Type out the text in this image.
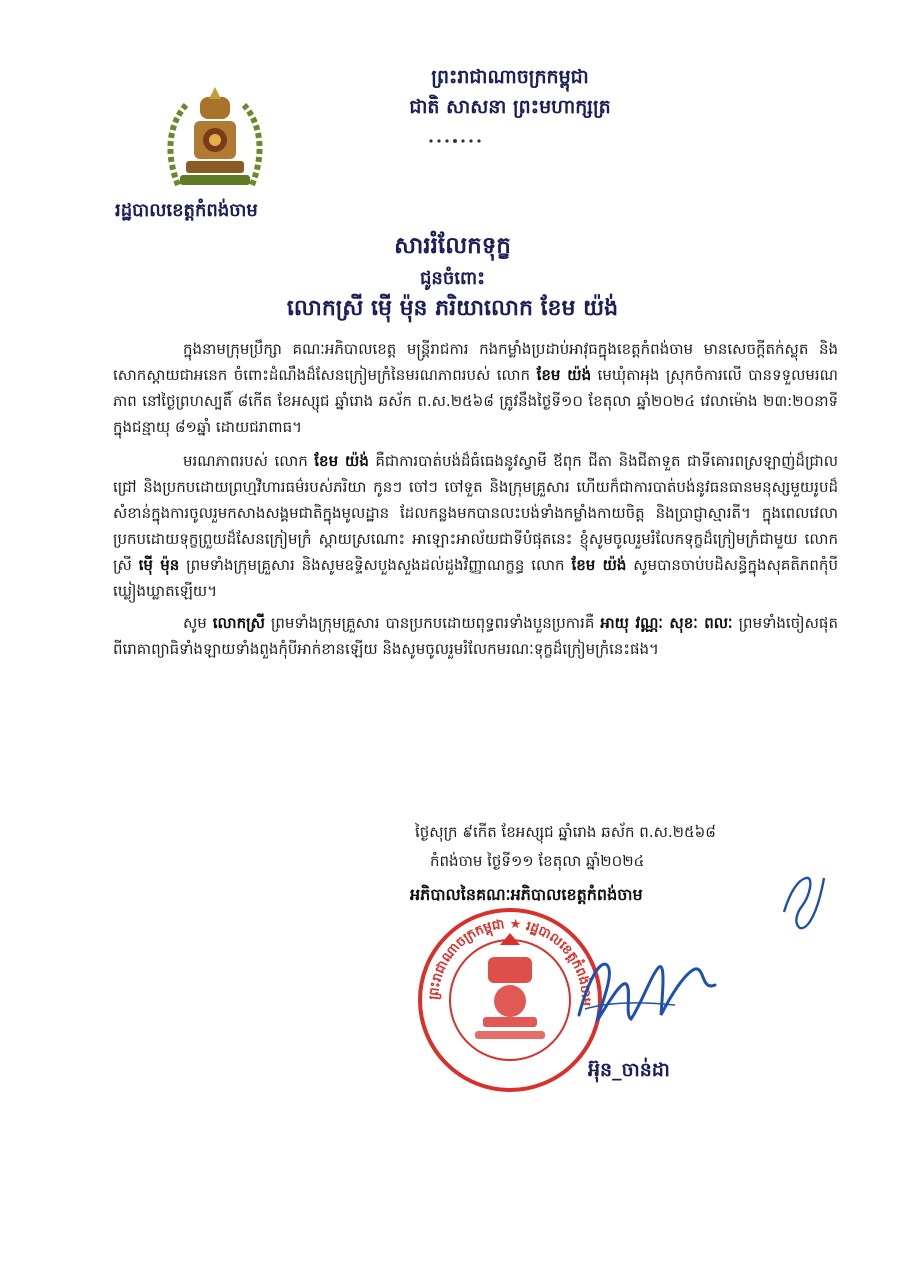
ព្រះរាជាណាចក្រកម្ពុជា
ជាតិ សាសនា ព្រះមហាក្សត្រ
រដ្ឋបាលខេត្តកំពង់ចាម
សាររំលែកទុក្ខ
ជូនចំពោះ
លោកស្រី ម៉ើ ម៉ុន ភរិយាលោក ខែម យ៉ង់

ក្នុងនាមក្រុមប្រឹក្សា គណៈអភិបាលខេត្ត មន្ត្រីរាជការ កងកម្លាំងប្រដាប់អាវុធក្នុងខេត្តកំពង់ចាម មានសេចក្តីតក់ស្លុត និងសោកស្តាយជាអនេក ចំពោះដំណឹងដ៏សែនក្រៀមក្រំនៃមរណភាពរបស់ លោក ខែម យ៉ង់ មេឃុំតាអុង ស្រុកចំការលើ បានទទួលមរណភាព នៅថ្ងៃព្រហស្បតិ៍ ៨កើត ខែអស្សុជ ឆ្នាំរោង ឆស័ក ព.ស.២៥៦៨ ត្រូវនឹងថ្ងៃទី១០ ខែតុលា ឆ្នាំ២០២៤ វេលាម៉ោង ២៣:២០នាទី ក្នុងជន្មាយុ ៨១ឆ្នាំ ដោយជរាពាធ។

មរណភាពរបស់ លោក ខែម យ៉ង់ គឺជាការបាត់បង់ដ៏ធំធេងនូវស្វាមី ឪពុក ជីតា និងជីតាទួត ជាទីគោរពស្រឡាញ់ដ៏ជ្រាលជ្រៅ និងប្រកបដោយព្រហ្មវិហារធម៌របស់ភរិយា កូនៗ ចៅៗ ចៅទួត និងក្រុមគ្រួសារ ហើយក៏ជាការបាត់បង់នូវធនធានមនុស្សមួយរូបដ៏សំខាន់ក្នុងការចូលរួមកសាងសង្គមជាតិក្នុងមូលដ្ឋាន ដែលកន្លងមកបានលះបង់ទាំងកម្លាំងកាយចិត្ត និងប្រាជ្ញាស្មារតី។ ក្នុងពេលវេលាប្រកបដោយទុក្ខព្រួយដ៏សែនក្រៀមក្រំ ស្តាយស្រណោះ អាឡោះអាល័យជាទីបំផុតនេះ ខ្ញុំសូមចូលរួមរំលែកទុក្ខដ៏ក្រៀមក្រំជាមួយ លោកស្រី ម៉ើ ម៉ុន ព្រមទាំងក្រុមគ្រួសារ និងសូមឧទ្ទិសបួងសួងដល់ដួងវិញ្ញាណក្ខន្ធ លោក ខែម យ៉ង់ សូមបានចាប់បដិសន្ធិក្នុងសុគតិភពកុំបីឃ្លៀងឃ្លាតឡើយ។

សូម លោកស្រី ព្រមទាំងក្រុមគ្រួសារ បានប្រកបដោយពុទ្ធពរទាំងបួនប្រការគឺ អាយុ វណ្ណៈ សុខៈ ពលៈ ព្រមទាំងចៀសផុតពីរោគាព្យាធិទាំងឡាយទាំងពួងកុំបីអាក់ខានឡើយ និងសូមចូលរួមរំលែកមរណៈទុក្ខដ៏ក្រៀមក្រំនេះផង។

ថ្ងៃសុក្រ ៩កើត ខែអស្សុជ ឆ្នាំរោង ឆស័ក ព.ស.២៥៦៨
កំពង់ចាម ថ្ងៃទី១១ ខែតុលា ឆ្នាំ២០២៤
អភិបាលនៃគណៈអភិបាលខេត្តកំពង់ចាម
ព្រះរាជាណាចក្រកម្ពុជា ★ រដ្ឋបាលខេត្តកំពង់ចាម
អ៊ុន_ចាន់ដា
